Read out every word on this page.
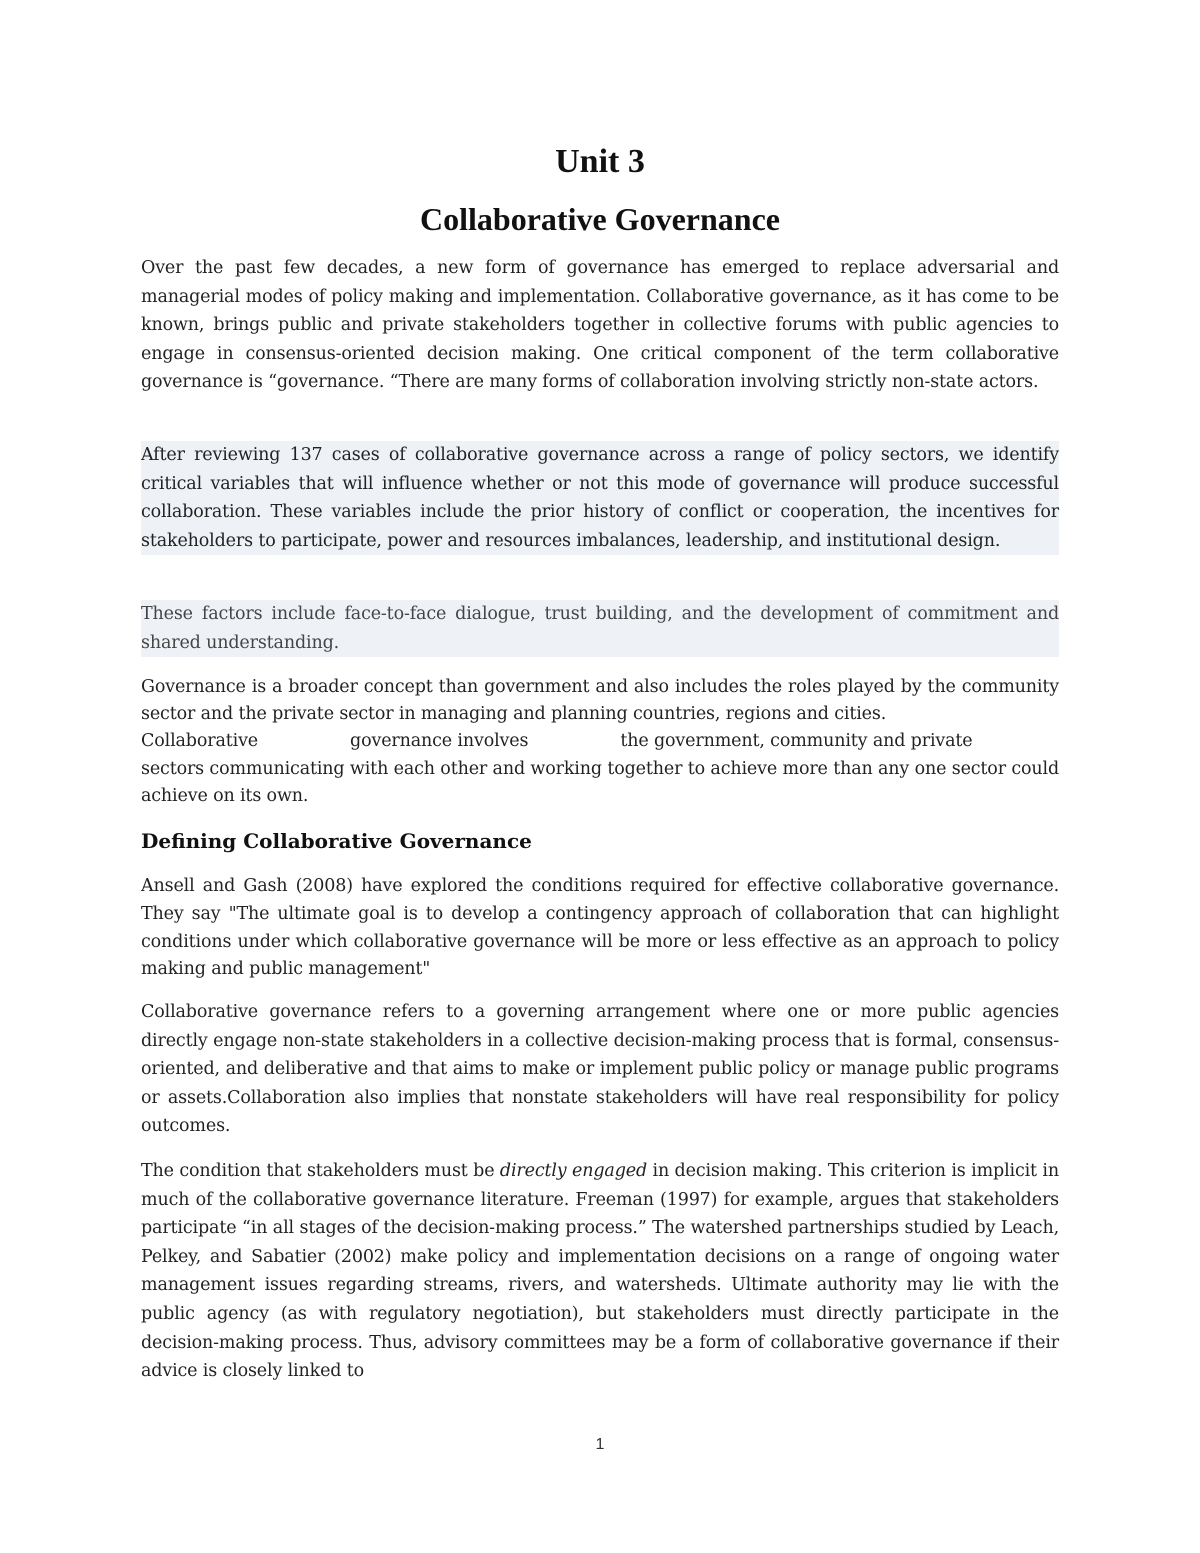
Unit 3
Collaborative Governance

Over the past few decades, a new form of governance has emerged to replace adversarial and managerial modes of policy making and implementation. Collaborative governance, as it has come to be known, brings public and private stakeholders together in collective forums with public agencies to engage in consensus-oriented decision making. One critical component of the term collaborative governance is “governance. “There are many forms of collaboration involving strictly non-state actors.

After reviewing 137 cases of collaborative governance across a range of policy sectors, we identify critical variables that will influence whether or not this mode of governance will produce successful collaboration. These variables include the prior history of conflict or cooperation, the incentives for stakeholders to participate, power and resources imbalances, leadership, and institutional design.

These factors include face-to-face dialogue, trust building, and the development of commitment and shared understanding.

Governance is a broader concept than government and also includes the roles played by the community sector and the private sector in managing and planning countries, regions and cities.
Collaborative                 governance involves                 the government, community and private
sectors communicating with each other and working together to achieve more than any one sector could achieve on its own.
Defining Collaborative Governance

Ansell and Gash (2008) have explored the conditions required for effective collaborative governance. They say "The ultimate goal is to develop a contingency approach of collaboration that can highlight conditions under which collaborative governance will be more or less effective as an approach to policy making and public management"

Collaborative governance refers to a governing arrangement where one or more public agencies directly engage non-state stakeholders in a collective decision-making process that is formal, consensus-oriented, and deliberative and that aims to make or implement public policy or manage public programs or assets.Collaboration also implies that nonstate stakeholders will have real responsibility for policy outcomes.

The condition that stakeholders must be directly engaged in decision making. This criterion is implicit in much of the collaborative governance literature. Freeman (1997) for example, argues that stakeholders participate “in all stages of the decision-making process.” The watershed partnerships studied by Leach, Pelkey, and Sabatier (2002) make policy and implementation decisions on a range of ongoing water management issues regarding streams, rivers, and watersheds. Ultimate authority may lie with the public agency (as with regulatory negotiation), but stakeholders must directly participate in the decision-making process. Thus, advisory committees may be a form of collaborative governance if their advice is closely linked to

1
